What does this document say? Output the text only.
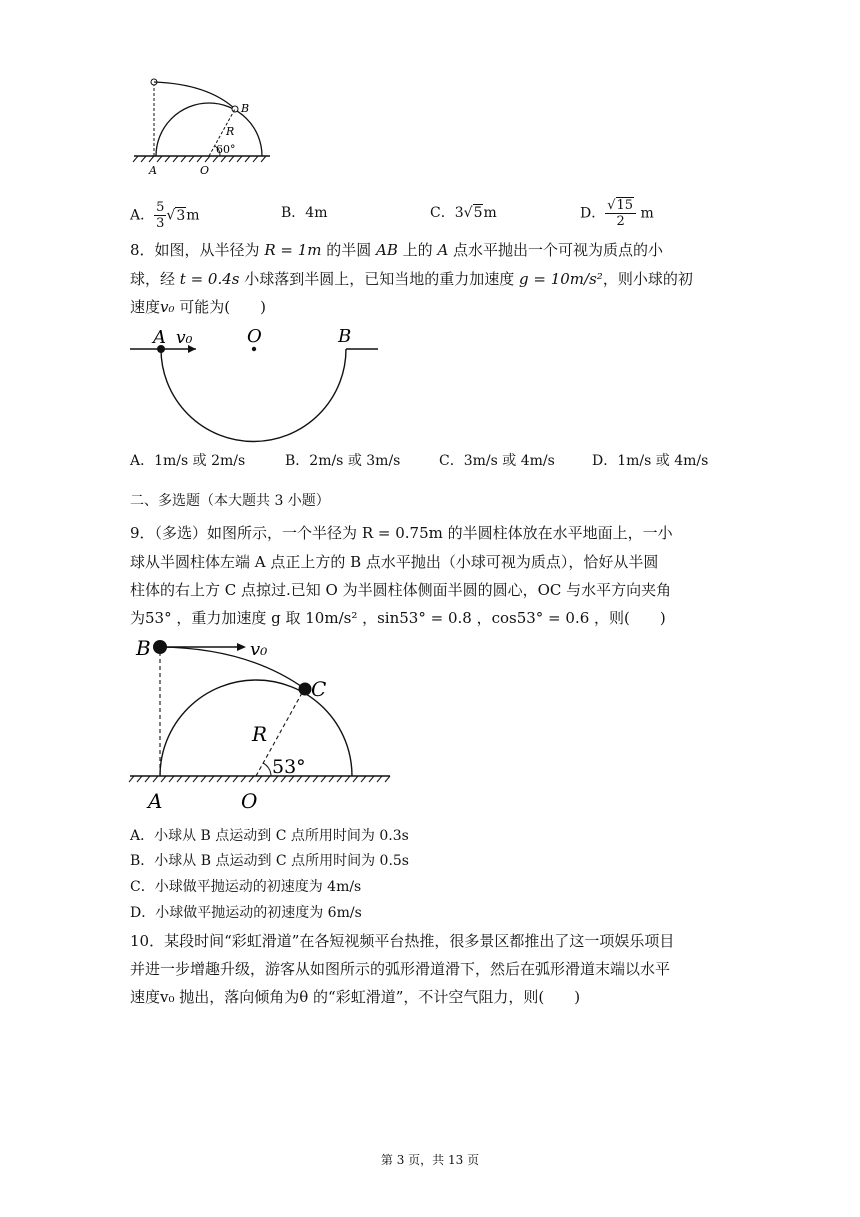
B
R
60°
A	O
A． $\frac{5}{3} √3m$	B．4m	C．3√5m	D． $\frac{√15}{2}$ m
8．如图，从半径为 R = 1m 的半圆 AB 上的 A 点水平抛出一个可视为质点的小
球，经 t = 0.4s 小球落到半圆上，已知当地的重力加速度 g = 10m/s²，则小球的初
速度v₀ 可能为(　　)
A v₀	O	B
A．1m/s 或 2m/s	B．2m/s 或 3m/s	C．3m/s 或 4m/s	D．1m/s 或 4m/s
二、多选题（本大题共 3 小题）
9．（多选）如图所示，一个半径为 R = 0.75m 的半圆柱体放在水平地面上，一小
球从半圆柱体左端 A 点正上方的 B 点水平抛出（小球可视为质点），恰好从半圆
柱体的右上方 C 点掠过.已知 O 为半圆柱体侧面半圆的圆心，OC 与水平方向夹角
为53° ，重力加速度 g 取 10m/s² ，sin53° = 0.8 ，cos53° = 0.6 ，则(　　)
B	v₀
C
R
53°
A	O
A．小球从 B 点运动到 C 点所用时间为 0.3s
B．小球从 B 点运动到 C 点所用时间为 0.5s
C．小球做平抛运动的初速度为 4m/s
D．小球做平抛运动的初速度为 6m/s
10．某段时间“彩虹滑道”在各短视频平台热推，很多景区都推出了这一项娱乐项目
并进一步增趣升级，游客从如图所示的弧形滑道滑下，然后在弧形滑道末端以水平
速度v₀ 抛出，落向倾角为θ 的“彩虹滑道”，不计空气阻力，则(　　)
第 3 页，共 13 页
